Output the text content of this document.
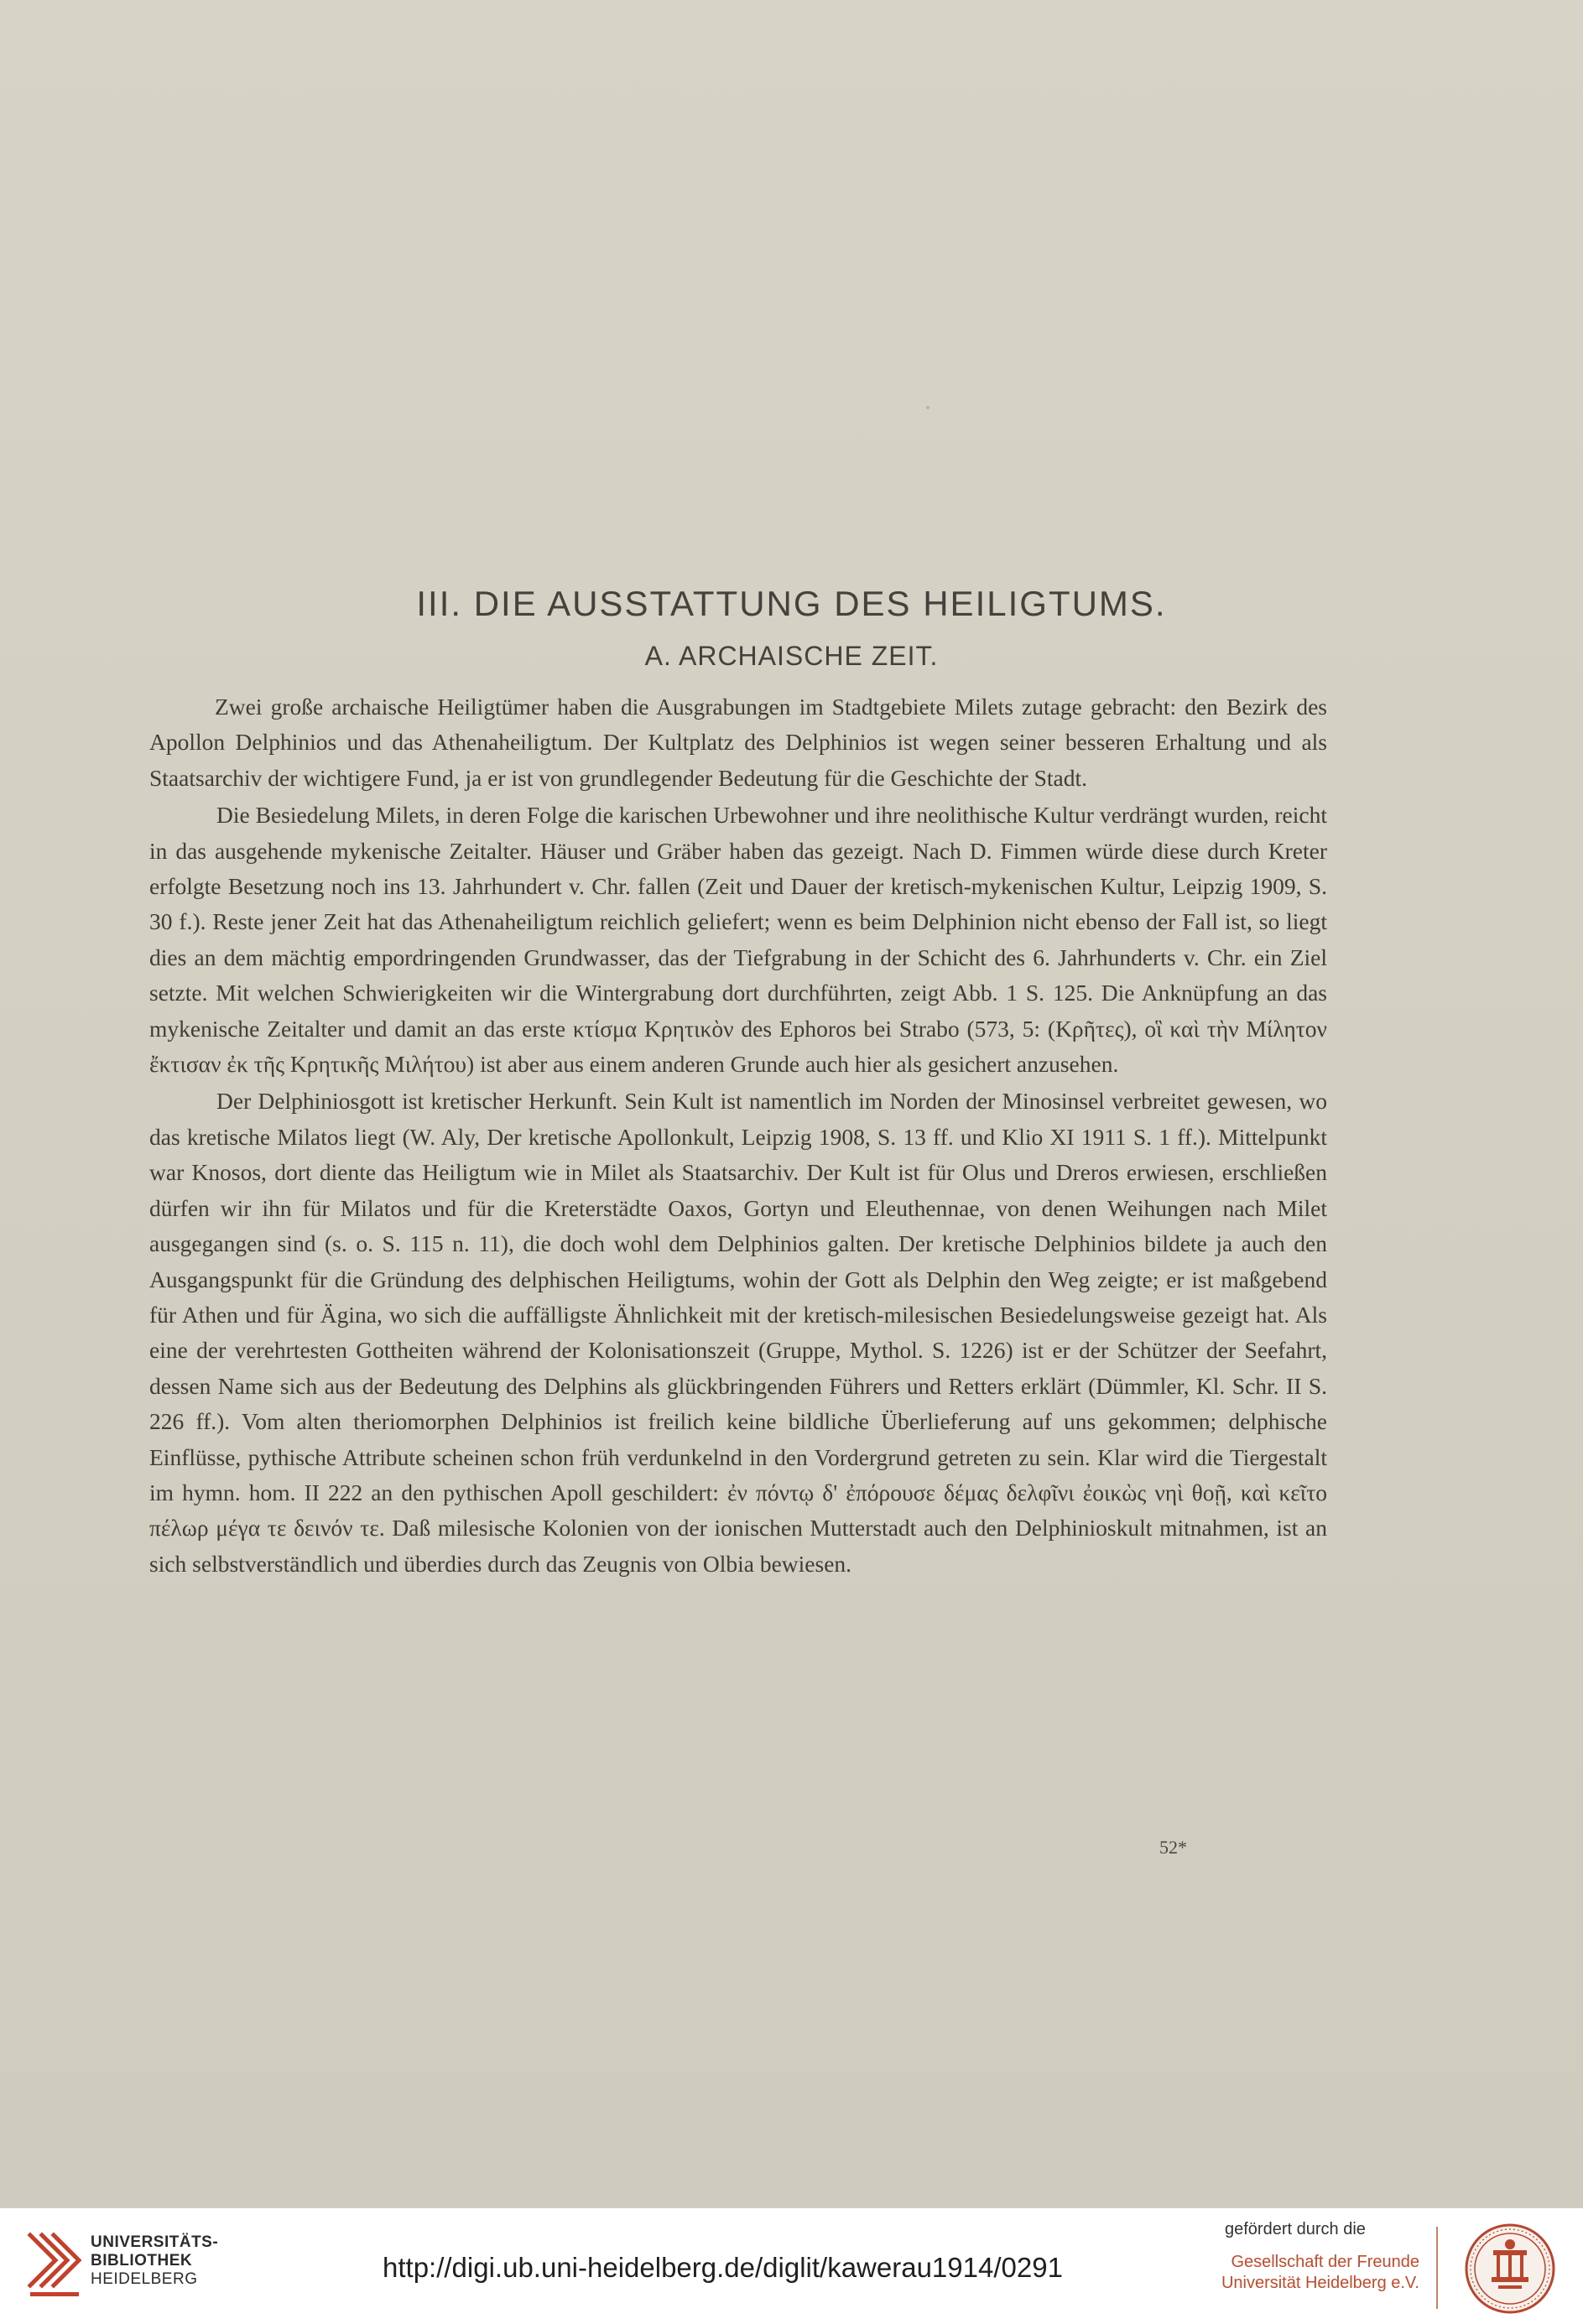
III. DIE AUSSTATTUNG DES HEILIGTUMS.
A. ARCHAISCHE ZEIT.

Zwei große archaische Heiligtümer haben die Ausgrabungen im Stadtgebiete Milets zutage gebracht: den Bezirk des Apollon Delphinios und das Athenaheiligtum. Der Kultplatz des Delphinios ist wegen seiner besseren Erhaltung und als Staatsarchiv der wichtigere Fund, ja er ist von grundlegender Bedeutung für die Geschichte der Stadt.

Die Besiedelung Milets, in deren Folge die karischen Urbewohner und ihre neolithische Kultur verdrängt wurden, reicht in das ausgehende mykenische Zeitalter. Häuser und Gräber haben das gezeigt. Nach D. Fimmen würde diese durch Kreter erfolgte Besetzung noch ins 13. Jahrhundert v. Chr. fallen (Zeit und Dauer der kretisch-mykenischen Kultur, Leipzig 1909, S. 30 f.). Reste jener Zeit hat das Athenaheiligtum reichlich geliefert; wenn es beim Delphinion nicht ebenso der Fall ist, so liegt dies an dem mächtig empordringenden Grundwasser, das der Tiefgrabung in der Schicht des 6. Jahrhunderts v. Chr. ein Ziel setzte. Mit welchen Schwierigkeiten wir die Wintergrabung dort durchführten, zeigt Abb. 1 S. 125. Die Anknüpfung an das mykenische Zeitalter und damit an das erste κτίσμα Κρητικὸν des Ephoros bei Strabo (573, 5: (Κρῆτες), οἳ καὶ τὴν Μίλητον ἔκτισαν ἐκ τῆς Κρητικῆς Μιλήτου) ist aber aus einem anderen Grunde auch hier als gesichert anzusehen.

Der Delphiniosgott ist kretischer Herkunft. Sein Kult ist namentlich im Norden der Minosinsel verbreitet gewesen, wo das kretische Milatos liegt (W. Aly, Der kretische Apollonkult, Leipzig 1908, S. 13 ff. und Klio XI 1911 S. 1 ff.). Mittelpunkt war Knosos, dort diente das Heiligtum wie in Milet als Staatsarchiv. Der Kult ist für Olus und Dreros erwiesen, erschließen dürfen wir ihn für Milatos und für die Kreterstädte Oaxos, Gortyn und Eleuthennae, von denen Weihungen nach Milet ausgegangen sind (s. o. S. 115 n. 11), die doch wohl dem Delphinios galten. Der kretische Delphinios bildete ja auch den Ausgangspunkt für die Gründung des delphischen Heiligtums, wohin der Gott als Delphin den Weg zeigte; er ist maßgebend für Athen und für Ägina, wo sich die auffälligste Ähnlichkeit mit der kretisch-milesischen Besiedelungsweise gezeigt hat. Als eine der verehrtesten Gottheiten während der Kolonisationszeit (Gruppe, Mythol. S. 1226) ist er der Schützer der Seefahrt, dessen Name sich aus der Bedeutung des Delphins als glückbringenden Führers und Retters erklärt (Dümmler, Kl. Schr. II S. 226 ff.). Vom alten theriomorphen Delphinios ist freilich keine bildliche Überlieferung auf uns gekommen; delphische Einflüsse, pythische Attribute scheinen schon früh verdunkelnd in den Vordergrund getreten zu sein. Klar wird die Tiergestalt im hymn. hom. II 222 an den pythischen Apoll geschildert: ἐν πόντῳ δ' ἐπόρουσε δέμας δελφῖνι ἐοικὼς νηὶ θοῇ, καὶ κεῖτο πέλωρ μέγα τε δεινόν τε. Daß milesische Kolonien von der ionischen Mutterstadt auch den Delphinioskult mitnahmen, ist an sich selbstverständlich und überdies durch das Zeugnis von Olbia bewiesen.

52*
UNIVERSITÄTS-
BIBLIOTHEK
HEIDELBERG	http://digi.ub.uni-heidelberg.de/diglit/kawerau1914/0291
gefördert durch die
Gesellschaft der Freunde
Universität Heidelberg e.V.
